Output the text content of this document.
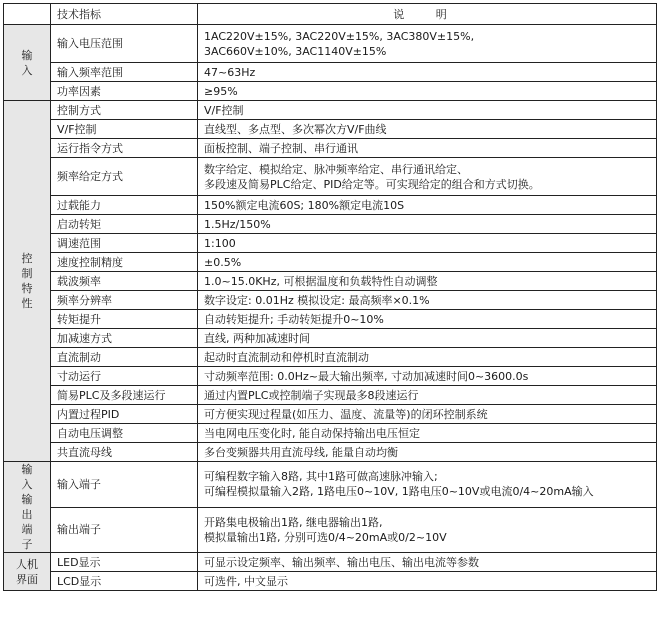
	技术指标	说 明
输入	输入电压范围	1AC220V±15%, 3AC220V±15%, 3AC380V±15%,
3AC660V±10%, 3AC1140V±15%

	输入频率范围	47~63Hz
	功率因素	≥95%
控制特性	控制方式	V/F控制
	V/F控制	直线型、多点型、多次幂次方V/F曲线
	运行指令方式	面板控制、端子控制、串行通讯
	频率给定方式	数字给定、模拟给定、脉冲频率给定、串行通讯给定、
多段速及简易PLC给定、PID给定等。可实现给定的组合和方式切换。

	过载能力	150%额定电流60S; 180%额定电流10S
	启动转矩	1.5Hz/150%
	调速范围	1:100
	速度控制精度	±0.5%
	载波频率	1.0~15.0KHz, 可根据温度和负载特性自动调整
	频率分辨率	数字设定: 0.01Hz 模拟设定: 最高频率×0.1%
	转矩提升	自动转矩提升; 手动转矩提升0~10%
	加减速方式	直线, 两种加减速时间
	直流制动	起动时直流制动和停机时直流制动
	寸动运行	寸动频率范围: 0.0Hz~最大输出频率, 寸动加减速时间0~3600.0s
	简易PLC及多段速运行	通过内置PLC或控制端子实现最多8段速运行
	内置过程PID	可方便实现过程量(如压力、温度、流量等)的闭环控制系统
	自动电压调整	当电网电压变化时, 能自动保持输出电压恒定
	共直流母线	多台变频器共用直流母线, 能量自动均衡
输入输出端子	输入端子	可编程数字输入8路, 其中1路可做高速脉冲输入;
可编程模拟量输入2路, 1路电压0~10V, 1路电压0~10V或电流0/4~20mA输入

	输出端子	开路集电极输出1路, 继电器输出1路,
模拟量输出1路, 分别可选0/4~20mA或0/2~10V

人机界面	LED显示	可显示设定频率、输出频率、输出电压、输出电流等参数
	LCD显示	可选件, 中文显示
